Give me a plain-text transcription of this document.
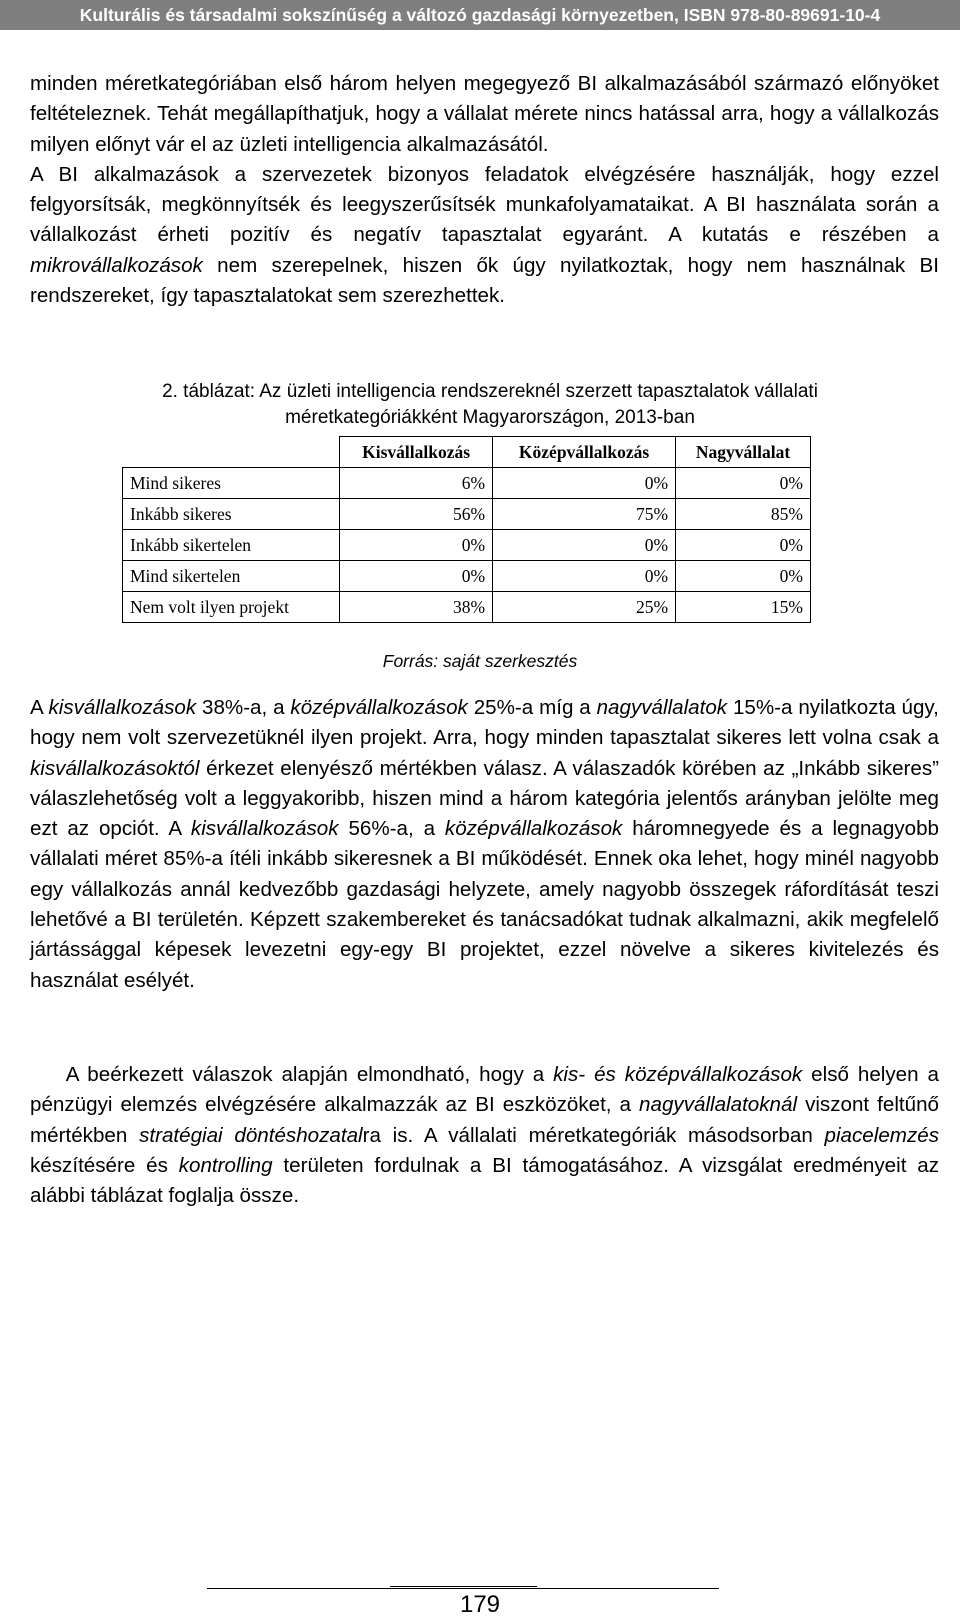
Kulturális és társadalmi sokszínűség a változó gazdasági környezetben, ISBN 978-80-89691-10-4

minden méretkategóriában első három helyen megegyező BI alkalmazásából származó előnyöket feltételeznek. Tehát megállapíthatjuk, hogy a vállalat mérete nincs hatással arra, hogy a vállalkozás milyen előnyt vár el az üzleti intelligencia alkalmazásától.
A BI alkalmazások a szervezetek bizonyos feladatok elvégzésére használják, hogy ezzel felgyorsítsák, megkönnyítsék és leegyszerűsítsék munkafolyamataikat. A BI használata során a vállalkozást érheti pozitív és negatív tapasztalat egyaránt. A kutatás e részében a mikrovállalkozások nem szerepelnek, hiszen ők úgy nyilatkoztak, hogy nem használnak BI rendszereket, így tapasztalatokat sem szerezhettek.

2. táblázat: Az üzleti intelligencia rendszereknél szerzett tapasztalatok vállalati
méretkategóriákként Magyarországon, 2013-ban
	Kisvállalkozás	Középvállalkozás	Nagyvállalat
Mind sikeres	6%	0%	0%
Inkább sikeres	56%	75%	85%
Inkább sikertelen	0%	0%	0%
Mind sikertelen	0%	0%	0%
Nem volt ilyen projekt	38%	25%	15%
Forrás: saját szerkesztés

A kisvállalkozások 38%-a, a középvállalkozások 25%-a míg a nagyvállalatok 15%-a nyilatkozta úgy, hogy nem volt szervezetüknél ilyen projekt. Arra, hogy minden tapasztalat sikeres lett volna csak a kisvállalkozásoktól érkezet elenyésző mértékben válasz. A válaszadók körében az „Inkább sikeres” válaszlehetőség volt a leggyakoribb, hiszen mind a három kategória jelentős arányban jelölte meg ezt az opciót. A kisvállalkozások 56%-a, a középvállalkozások háromnegyede és a legnagyobb vállalati méret 85%-a ítéli inkább sikeresnek a BI működését. Ennek oka lehet, hogy minél nagyobb egy vállalkozás annál kedvezőbb gazdasági helyzete, amely nagyobb összegek ráfordítását teszi lehetővé a BI területén. Képzett szakembereket és tanácsadókat tudnak alkalmazni, akik megfelelő jártássággal képesek levezetni egy-egy BI projektet, ezzel növelve a sikeres kivitelezés és használat esélyét.

A beérkezett válaszok alapján elmondható, hogy a kis- és középvállalkozások első helyen a pénzügyi elemzés elvégzésére alkalmazzák az BI eszközöket, a nagyvállalatoknál viszont feltűnő mértékben stratégiai döntéshozatalra is. A vállalati méretkategóriák másodsorban piacelemzés készítésére és kontrolling területen fordulnak a BI támogatásához. A vizsgálat eredményeit az alábbi táblázat foglalja össze.

179
